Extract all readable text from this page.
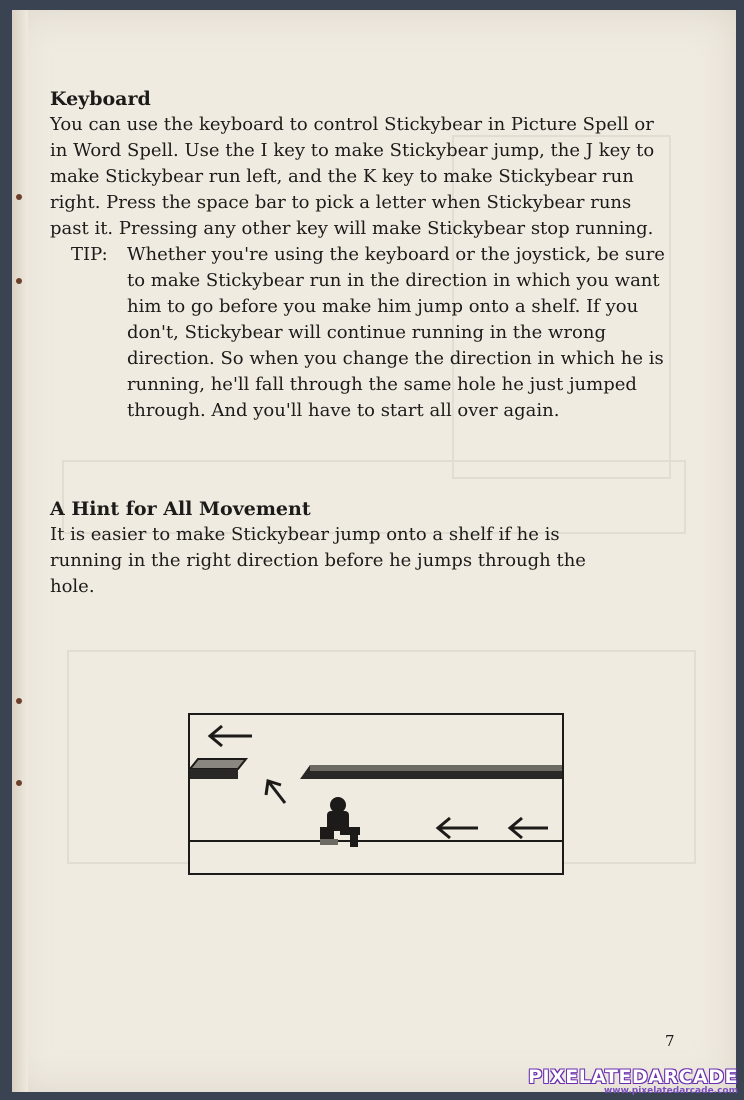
Keyboard

You can use the keyboard to control Stickybear in Picture Spell or in Word Spell. Use the I key to make Stickybear jump, the J key to make Stickybear run left, and the K key to make Stickybear run right. Press the space bar to pick a letter when Stickybear runs past it. Pressing any other key will make Stickybear stop running.

TIP:	Whether you're using the keyboard or the joystick, be sure to make Stickybear run in the direction in which you want him to go before you make him jump onto a shelf. If you don't, Stickybear will continue running in the wrong direction. So when you change the direction in which he is running, he'll fall through the same hole he just jumped through. And you'll have to start all over again.
A Hint for All Movement

It is easier to make Stickybear jump onto a shelf if he is running in the right direction before he jumps through the hole.

7
PIXELATEDARCADE
www.pixelatedarcade.com
